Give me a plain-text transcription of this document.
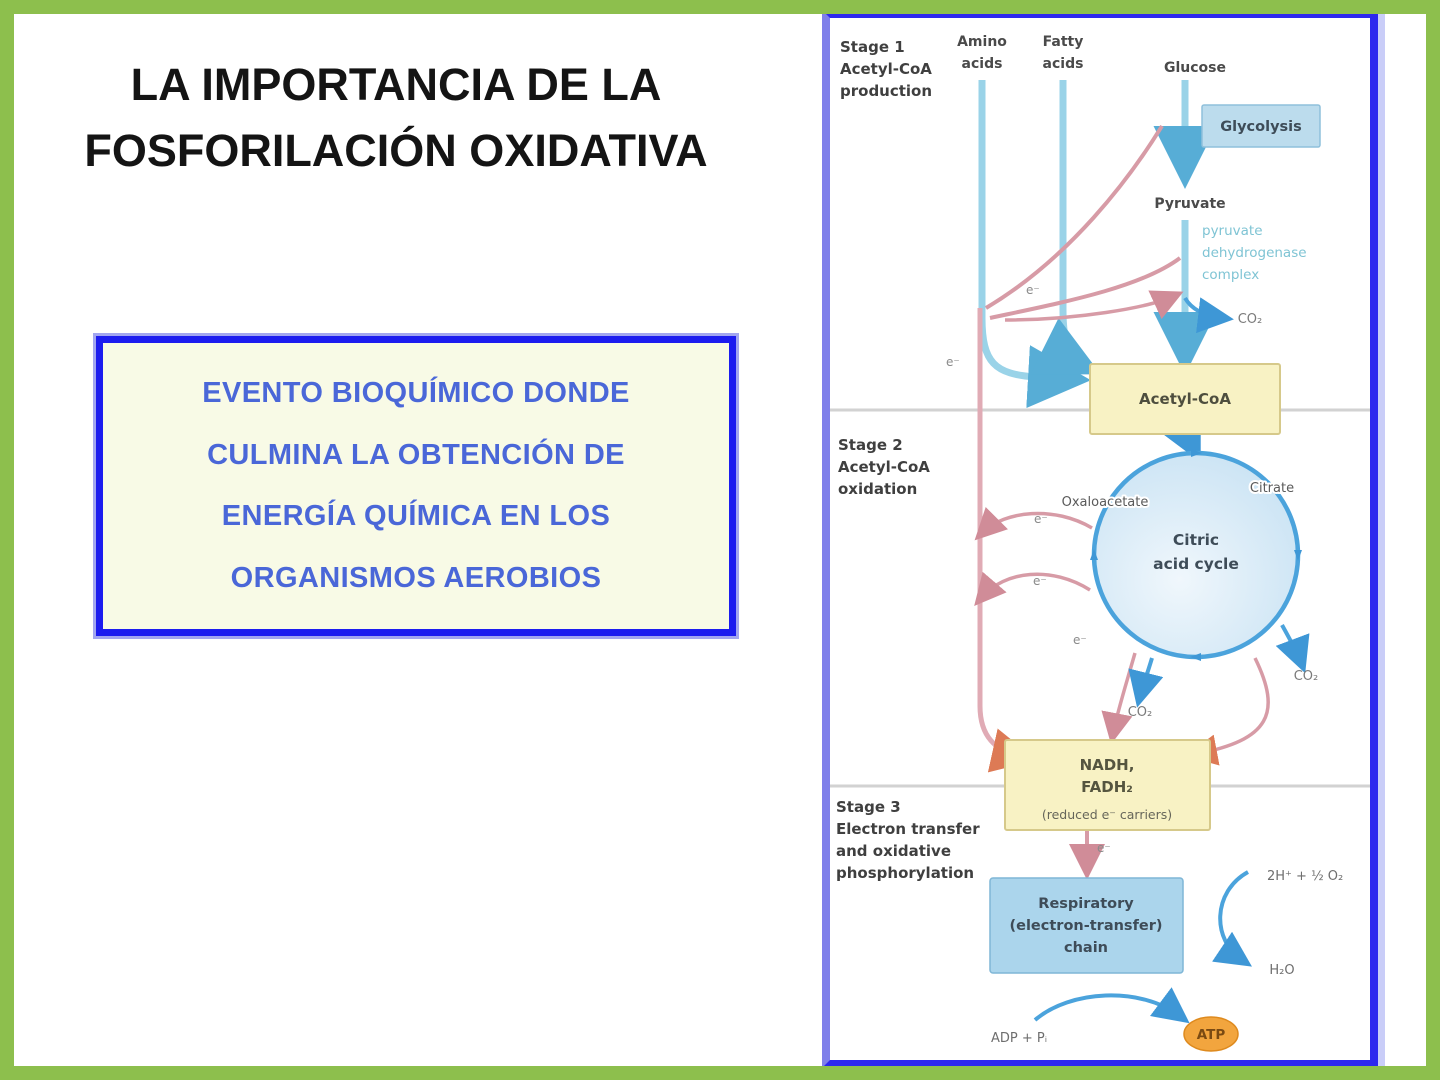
LA IMPORTANCIA DE LA
FOSFORILACIÓN OXIDATIVA
EVENTO BIOQUÍMICO DONDE
CULMINA LA OBTENCIÓN DE
ENERGÍA QUÍMICA EN LOS
ORGANISMOS AEROBIOS
Stage 1
Acetyl-CoA
production
Stage 2
Acetyl-CoA
oxidation
Stage 3
Electron transfer
and oxidative
phosphorylation
Amino
acids
Fatty
acids	Glucose
Glycolysis
Pyruvate
pyruvate
dehydrogenase
complex
CO₂
Acetyl-CoA
Oxaloacetate
Citrate
Citric
acid cycle
CO₂
CO₂
e⁻
e⁻
e⁻
e⁻
e⁻
e⁻
NADH,
FADH₂
(reduced e⁻ carriers)
Respiratory
(electron-transfer)
chain
2H⁺ + ½ O₂
H₂O
ADP + Pᵢ	ATP
